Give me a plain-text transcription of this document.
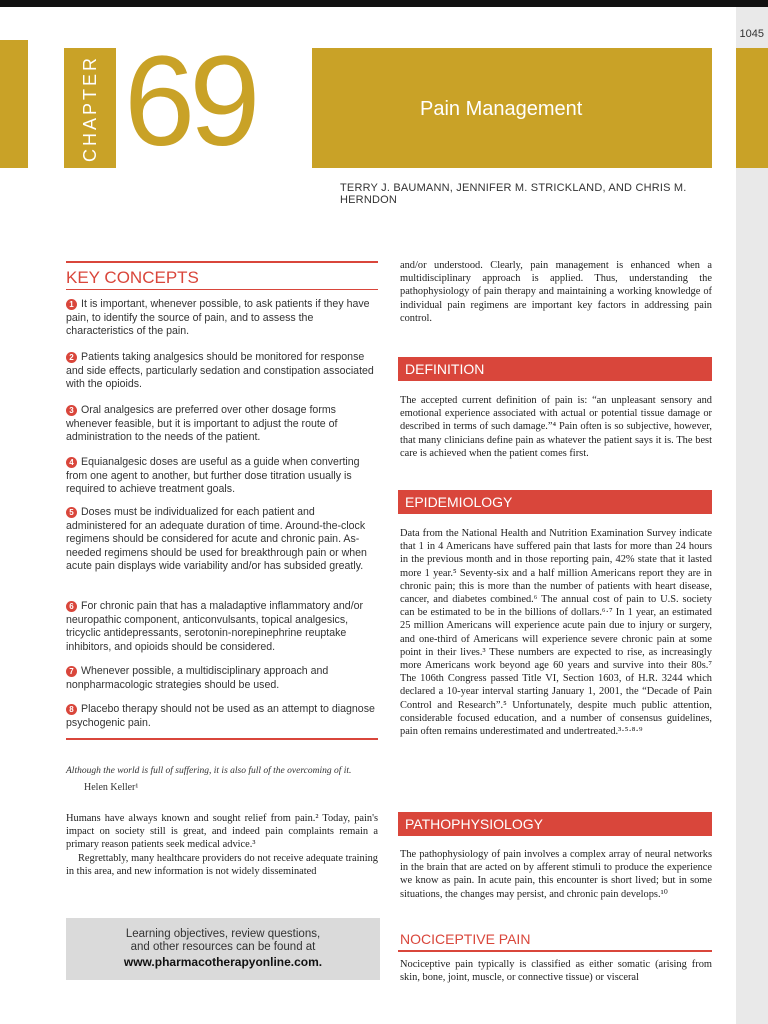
1045
CHAPTER 69	Pain Management
TERRY J. BAUMANN, JENNIFER M. STRICKLAND, AND CHRIS M. HERNDON
KEY CONCEPTS
1 It is important, whenever possible, to ask patients if they have pain, to identify the source of pain, and to assess the characteristics of the pain.
2 Patients taking analgesics should be monitored for response and side effects, particularly sedation and constipation associated with the opioids.
3 Oral analgesics are preferred over other dosage forms whenever feasible, but it is important to adjust the route of administration to the needs of the patient.
4 Equianalgesic doses are useful as a guide when converting from one agent to another, but further dose titration usually is required to achieve treatment goals.
5 Doses must be individualized for each patient and administered for an adequate duration of time. Around-the-clock regimens should be considered for acute and chronic pain. As-needed regimens should be used for breakthrough pain or when acute pain displays wide variability and/or has subsided greatly.
6 For chronic pain that has a maladaptive inflammatory and/or neuropathic component, anticonvulsants, topical analgesics, tricyclic antidepressants, serotonin-norepinephrine reuptake inhibitors, and opioids should be considered.
7 Whenever possible, a multidisciplinary approach and nonpharmacologic strategies should be used.
8 Placebo therapy should not be used as an attempt to diagnose psychogenic pain.
Although the world is full of suffering, it is also full of the overcoming of it.
Helen Keller¹

Humans have always known and sought relief from pain.² Today, pain's impact on society still is great, and indeed pain complaints remain a primary reason patients seek medical advice.³

Regrettably, many healthcare providers do not receive adequate training in this area, and new information is not widely disseminated

Learning objectives, review questions,
and other resources can be found at
www.pharmacotherapyonline.com.
and/or understood. Clearly, pain management is enhanced when a multidisciplinary approach is applied. Thus, understanding the pathophysiology of pain therapy and maintaining a working knowledge of individual pain regimens are important key factors in addressing pain control.
DEFINITION
The accepted current definition of pain is: “an unpleasant sensory and emotional experience associated with actual or potential tissue damage or described in terms of such damage.”⁴ Pain often is so subjective, however, that many clinicians define pain as whatever the patient says it is. The best care is achieved when the patient comes first.
EPIDEMIOLOGY
Data from the National Health and Nutrition Examination Survey indicate that 1 in 4 Americans have suffered pain that lasts for more than 24 hours in the previous month and in those reporting pain, 42% state that it lasted more 1 year.⁵ Seventy-six and a half million Americans report they are in chronic pain; this is more than the number of patients with heart disease, cancer, and diabetes combined.⁶ The annual cost of pain to U.S. society can be estimated to be in the billions of dollars.⁶·⁷ In 1 year, an estimated 25 million Americans will experience acute pain due to injury or surgery, and one-third of Americans will experience severe chronic pain at some point in their lives.³ These numbers are expected to rise, as increasingly more Americans work beyond age 60 years and survive into their 80s.⁷ The 106th Congress passed Title VI, Section 1603, of H.R. 3244 which declared a 10-year interval starting January 1, 2001, the “Decade of Pain Control and Research”.⁵ Unfortunately, despite much public attention, considerable focused education, and a number of consensus guidelines, pain often remains underestimated and undertreated.³·⁵·⁸·⁹
PATHOPHYSIOLOGY
The pathophysiology of pain involves a complex array of neural networks in the brain that are acted on by afferent stimuli to produce the experience we know as pain. In acute pain, this encounter is short lived; but in some situations, the changes may persist, and chronic pain develops.¹⁰
NOCICEPTIVE PAIN
Nociceptive pain typically is classified as either somatic (arising from skin, bone, joint, muscle, or connective tissue) or visceral
